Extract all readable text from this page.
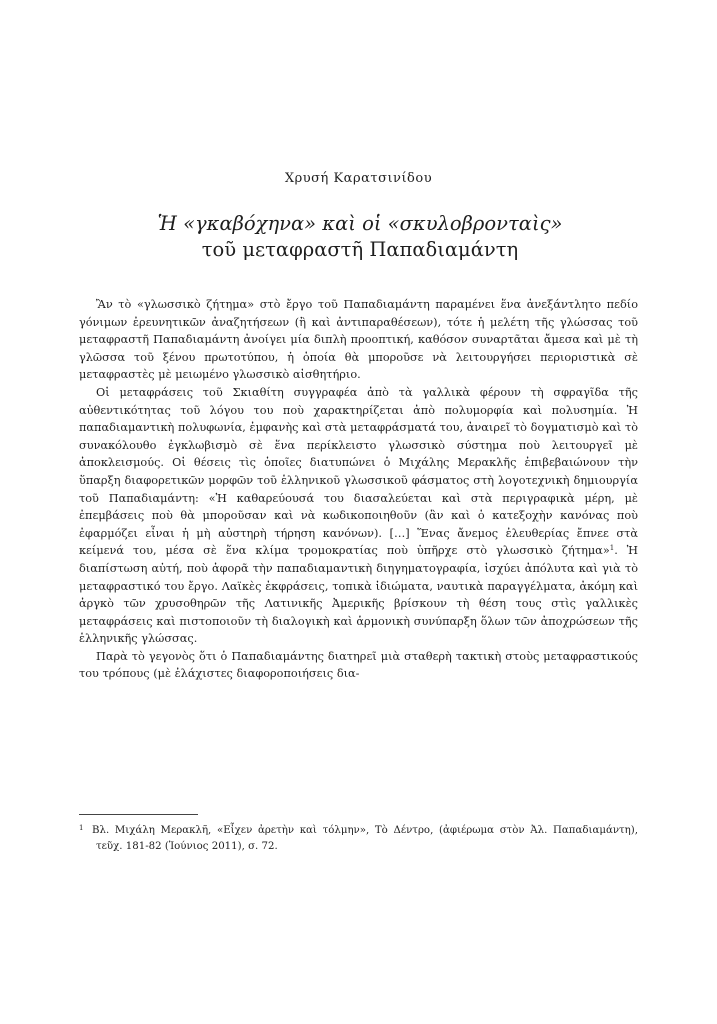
Χρυσή Καρατσινίδου
Ἡ «γκαβόχηνα» καὶ οἱ «σκυλοβρονταὶς»
τοῦ μεταφραστῆ Παπαδιαμάντη

Ἂν τὸ «γλωσσικὸ ζήτημα» στὸ ἔργο τοῦ Παπαδιαμάντη παραμένει ἕνα ἀνεξάντλητο πεδίο γόνιμων ἐρευνητικῶν ἀναζητήσεων (ἢ καὶ ἀντιπαραθέσεων), τότε ἡ μελέτη τῆς γλώσσας τοῦ μεταφραστῆ Παπαδιαμάντη ἀνοίγει μία διπλὴ προοπτική, καθόσον συναρτᾶται ἄμεσα καὶ μὲ τὴ γλῶσσα τοῦ ξένου πρωτοτύπου, ἡ ὁποία θὰ μποροῦσε νὰ λειτουργήσει περιοριστικὰ σὲ μεταφραστὲς μὲ μειωμένο γλωσσικὸ αἰσθητήριο.

Οἱ μεταφράσεις τοῦ Σκιαθίτη συγγραφέα ἀπὸ τὰ γαλλικὰ φέρουν τὴ σφραγῖδα τῆς αὐθεντικότητας τοῦ λόγου του ποὺ χαρακτηρίζεται ἀπὸ πολυμορφία καὶ πολυσημία. Ἡ παπαδιαμαντικὴ πολυφωνία, ἐμφανὴς καὶ στὰ μεταφράσματά του, ἀναιρεῖ τὸ δογματισμὸ καὶ τὸ συνακόλουθο ἐγκλωβισμὸ σὲ ἕνα περίκλειστο γλωσσικὸ σύστημα ποὺ λειτουργεῖ μὲ ἀποκλεισμούς. Οἱ θέσεις τὶς ὁποῖες διατυπώνει ὁ Μιχάλης Μερακλῆς ἐπιβεβαιώνουν τὴν ὕπαρξη διαφορετικῶν μορφῶν τοῦ ἑλληνικοῦ γλωσσικοῦ φάσματος στὴ λογοτεχνικὴ δημιουργία τοῦ Παπαδιαμάντη: «Ἡ καθαρεύουσά του διασαλεύεται καὶ στὰ περιγραφικὰ μέρη, μὲ ἐπεμβάσεις ποὺ θὰ μποροῦσαν καὶ νὰ κωδικοποιηθοῦν (ἂν καὶ ὁ κατεξοχὴν κανόνας ποὺ ἐφαρμόζει εἶναι ἡ μὴ αὐστηρὴ τήρηση κανόνων). […] Ἕνας ἄνεμος ἐλευθερίας ἔπνεε στὰ κείμενά του, μέσα σὲ ἕνα κλίμα τρομοκρατίας ποὺ ὑπῆρχε στὸ γλωσσικὸ ζήτημα»$^1$. Ἡ διαπίστωση αὐτή, ποὺ ἀφορᾶ τὴν παπαδιαμαντικὴ διηγηματογραφία, ἰσχύει ἀπόλυτα καὶ γιὰ τὸ μεταφραστικό του ἔργο. Λαϊκὲς ἐκφράσεις, τοπικὰ ἰδιώματα, ναυτικὰ παραγγέλματα, ἀκόμη καὶ ἀργκὸ τῶν χρυσοθηρῶν τῆς Λατινικῆς Ἀμερικῆς βρίσκουν τὴ θέση τους στὶς γαλλικὲς μεταφράσεις καὶ πιστοποιοῦν τὴ διαλογικὴ καὶ ἁρμονικὴ συνύπαρξη ὅλων τῶν ἀποχρώσεων τῆς ἑλληνικῆς γλώσσας.

Παρὰ τὸ γεγονὸς ὅτι ὁ Παπαδιαμάντης διατηρεῖ μιὰ σταθερὴ τακτικὴ στοὺς μεταφραστικούς του τρόπους (μὲ ἐλάχιστες διαφοροποιήσεις δια-

1 Βλ. Μιχάλη Μερακλῆ, «Εἶχεν ἀρετὴν καὶ τόλμην», Τὸ Δέντρο, (ἀφιέρωμα στὸν Ἀλ. Παπαδιαμάντη), τεῦχ. 181-82 (Ἰούνιος 2011), σ. 72.
